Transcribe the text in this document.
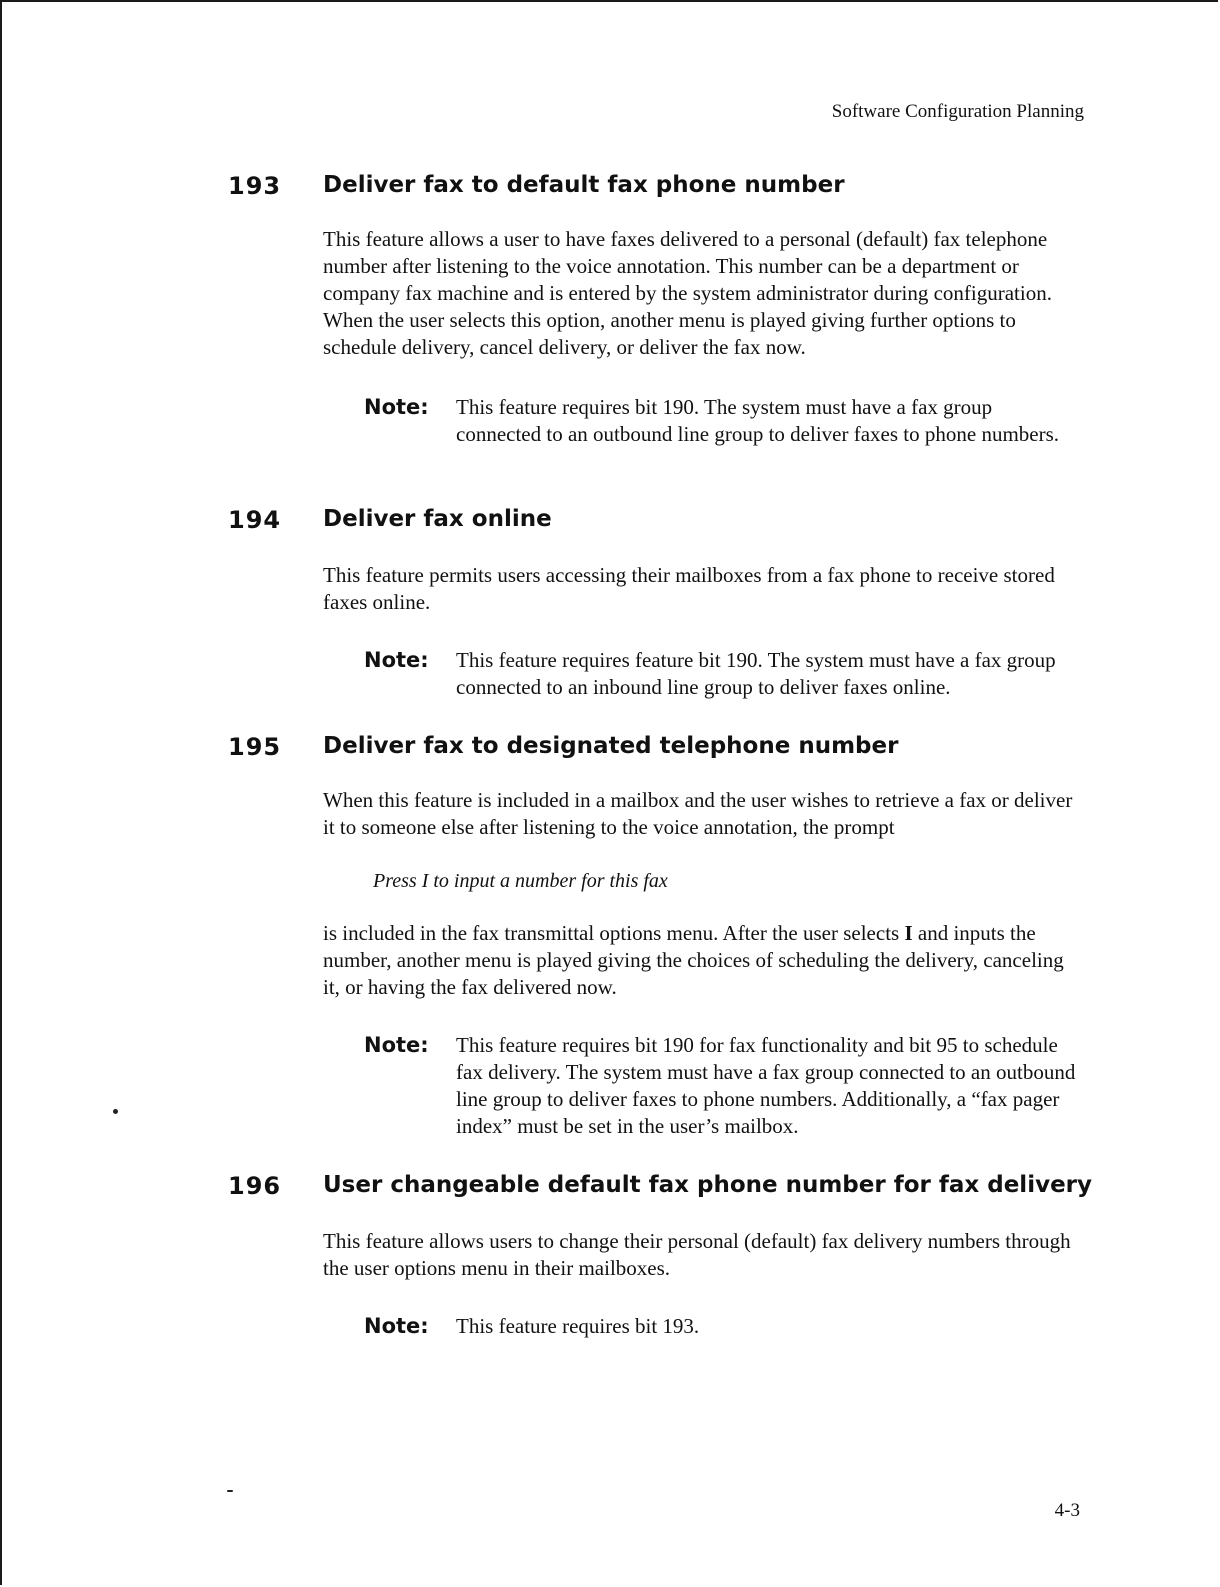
Software Configuration Planning
193 Deliver fax to default fax phone number

This feature allows a user to have faxes delivered to a personal (default) fax telephone number after listening to the voice annotation. This number can be a department or company fax machine and is entered by the system administrator during configuration. When the user selects this option, another menu is played giving further options to schedule delivery, cancel delivery, or deliver the fax now.

Note: This feature requires bit 190. The system must have a fax group connected to an outbound line group to deliver faxes to phone numbers.

194 Deliver fax online

This feature permits users accessing their mailboxes from a fax phone to receive stored faxes online.

Note: This feature requires feature bit 190. The system must have a fax group connected to an inbound line group to deliver faxes online.

195 Deliver fax to designated telephone number

When this feature is included in a mailbox and the user wishes to retrieve a fax or deliver it to someone else after listening to the voice annotation, the prompt

Press I to input a number for this fax

is included in the fax transmittal options menu. After the user selects I and inputs the number, another menu is played giving the choices of scheduling the delivery, canceling it, or having the fax delivered now.

Note: This feature requires bit 190 for fax functionality and bit 95 to schedule fax delivery. The system must have a fax group connected to an outbound line group to deliver faxes to phone numbers. Additionally, a “fax pager index” must be set in the user’s mailbox.

196 User changeable default fax phone number for fax delivery

This feature allows users to change their personal (default) fax delivery numbers through the user options menu in their mailboxes.

Note: This feature requires bit 193.

4-3
